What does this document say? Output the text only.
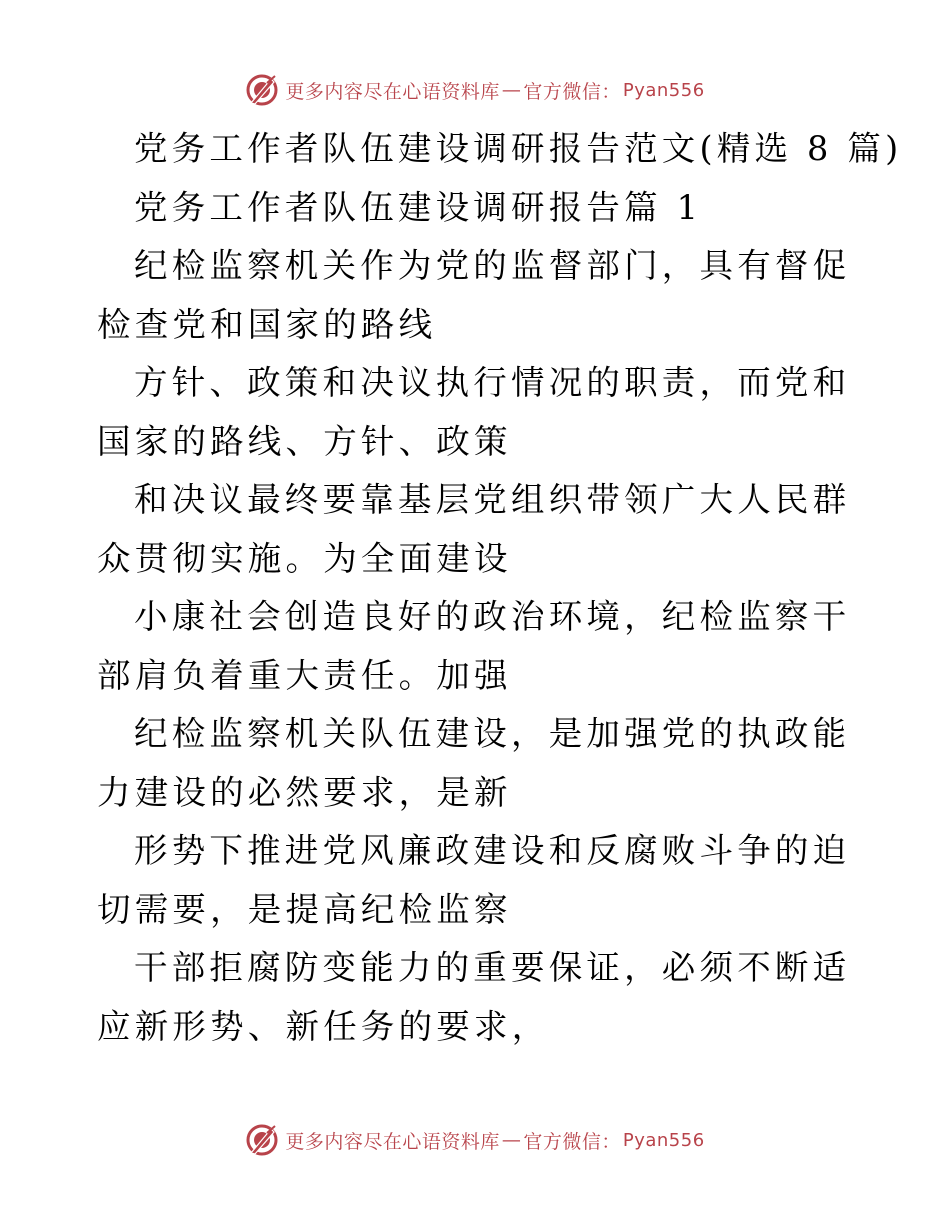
更多内容尽在心语资料库 — 官方微信： Pyan556

党务工作者队伍建设调研报告范文(精选 8 篇)

党务工作者队伍建设调研报告篇 1

纪检监察机关作为党的监督部门，具有督促检查党和国家的路线

方针、政策和决议执行情况的职责，而党和国家的路线、方针、政策

和决议最终要靠基层党组织带领广大人民群众贯彻实施。为全面建设

小康社会创造良好的政治环境，纪检监察干部肩负着重大责任。加强

纪检监察机关队伍建设，是加强党的执政能力建设的必然要求，是新

形势下推进党风廉政建设和反腐败斗争的迫切需要，是提高纪检监察

干部拒腐防变能力的重要保证，必须不断适应新形势、新任务的要求，

更多内容尽在心语资料库 — 官方微信： Pyan556
